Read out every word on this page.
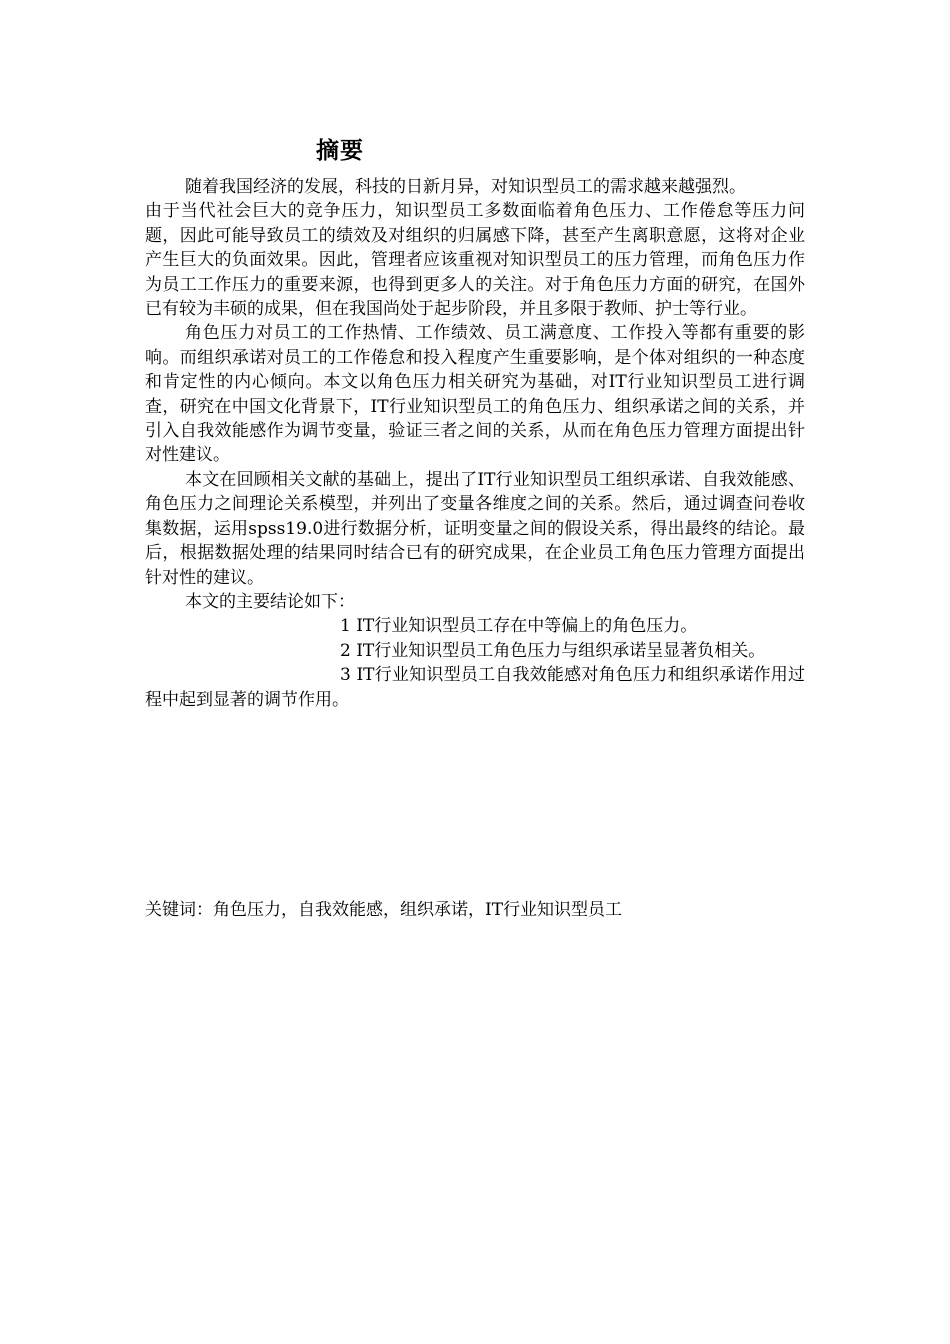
摘要

随着我国经济的发展，科技的日新月异，对知识型员工的需求越来越强烈。

由于当代社会巨大的竞争压力，知识型员工多数面临着角色压力、工作倦怠等压力问题，因此可能导致员工的绩效及对组织的归属感下降，甚至产生离职意愿，这将对企业产生巨大的负面效果。因此，管理者应该重视对知识型员工的压力管理，而角色压力作为员工工作压力的重要来源，也得到更多人的关注。对于角色压力方面的研究，在国外已有较为丰硕的成果，但在我国尚处于起步阶段，并且多限于教师、护士等行业。

角色压力对员工的工作热情、工作绩效、员工满意度、工作投入等都有重要的影响。而组织承诺对员工的工作倦怠和投入程度产生重要影响，是个体对组织的一种态度和肯定性的内心倾向。本文以角色压力相关研究为基础，对IT行业知识型员工进行调查，研究在中国文化背景下，IT行业知识型员工的角色压力、组织承诺之间的关系，并引入自我效能感作为调节变量，验证三者之间的关系，从而在角色压力管理方面提出针对性建议。

本文在回顾相关文献的基础上，提出了IT行业知识型员工组织承诺、自我效能感、角色压力之间理论关系模型，并列出了变量各维度之间的关系。然后，通过调查问卷收集数据，运用spss19.0进行数据分析，证明变量之间的假设关系，得出最终的结论。最后，根据数据处理的结果同时结合已有的研究成果，在企业员工角色压力管理方面提出针对性的建议。

本文的主要结论如下：

1 IT行业知识型员工存在中等偏上的角色压力。

2 IT行业知识型员工角色压力与组织承诺呈显著负相关。

3 IT行业知识型员工自我效能感对角色压力和组织承诺作用过程中起到显著的调节作用。

关键词：角色压力，自我效能感，组织承诺，IT行业知识型员工
